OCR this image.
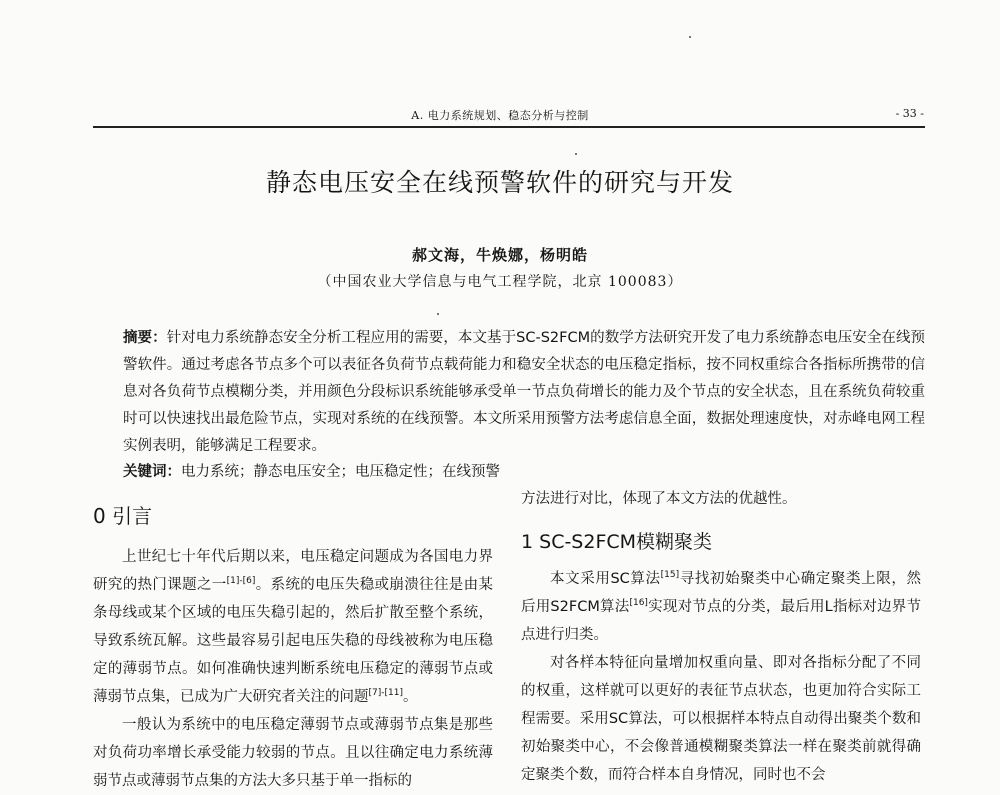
A. 电力系统规划、稳态分析与控制	- 33 -
静态电压安全在线预警软件的研究与开发
郝文海，牛焕娜，杨明皓
（中国农业大学信息与电气工程学院，北京 100083）
摘要：针对电力系统静态安全分析工程应用的需要，本文基于SC-S2FCM的数学方法研究开发了电力系统静态电压安全在线预警软件。通过考虑各节点多个可以表征各负荷节点载荷能力和稳安全状态的电压稳定指标，按不同权重综合各指标所携带的信息对各负荷节点模糊分类，并用颜色分段标识系统能够承受单一节点负荷增长的能力及个节点的安全状态，且在系统负荷较重时可以快速找出最危险节点，实现对系统的在线预警。本文所采用预警方法考虑信息全面，数据处理速度快，对赤峰电网工程实例表明，能够满足工程要求。
关键词：电力系统；静态电压安全；电压稳定性；在线预警
0 引言

上世纪七十年代后期以来，电压稳定问题成为各国电力界研究的热门课题之一[1]-[6]。系统的电压失稳或崩溃往往是由某条母线或某个区域的电压失稳引起的，然后扩散至整个系统，导致系统瓦解。这些最容易引起电压失稳的母线被称为电压稳定的薄弱节点。如何准确快速判断系统电压稳定的薄弱节点或薄弱节点集，已成为广大研究者关注的问题[7]-[11]。

一般认为系统中的电压稳定薄弱节点或薄弱节点集是那些对负荷功率增长承受能力较弱的节点。且以往确定电力系统薄弱节点或薄弱节点集的方法大多只基于单一指标的

方法进行对比，体现了本文方法的优越性。
1 SC-S2FCM模糊聚类

本文采用SC算法[15]寻找初始聚类中心确定聚类上限，然后用S2FCM算法[16]实现对节点的分类，最后用L指标对边界节点进行归类。

对各样本特征向量增加权重向量、即对各指标分配了不同的权重，这样就可以更好的表征节点状态，也更加符合实际工程需要。采用SC算法，可以根据样本特点自动得出聚类个数和初始聚类中心，不会像普通模糊聚类算法一样在聚类前就得确定聚类个数，而符合样本自身情况，同时也不会
